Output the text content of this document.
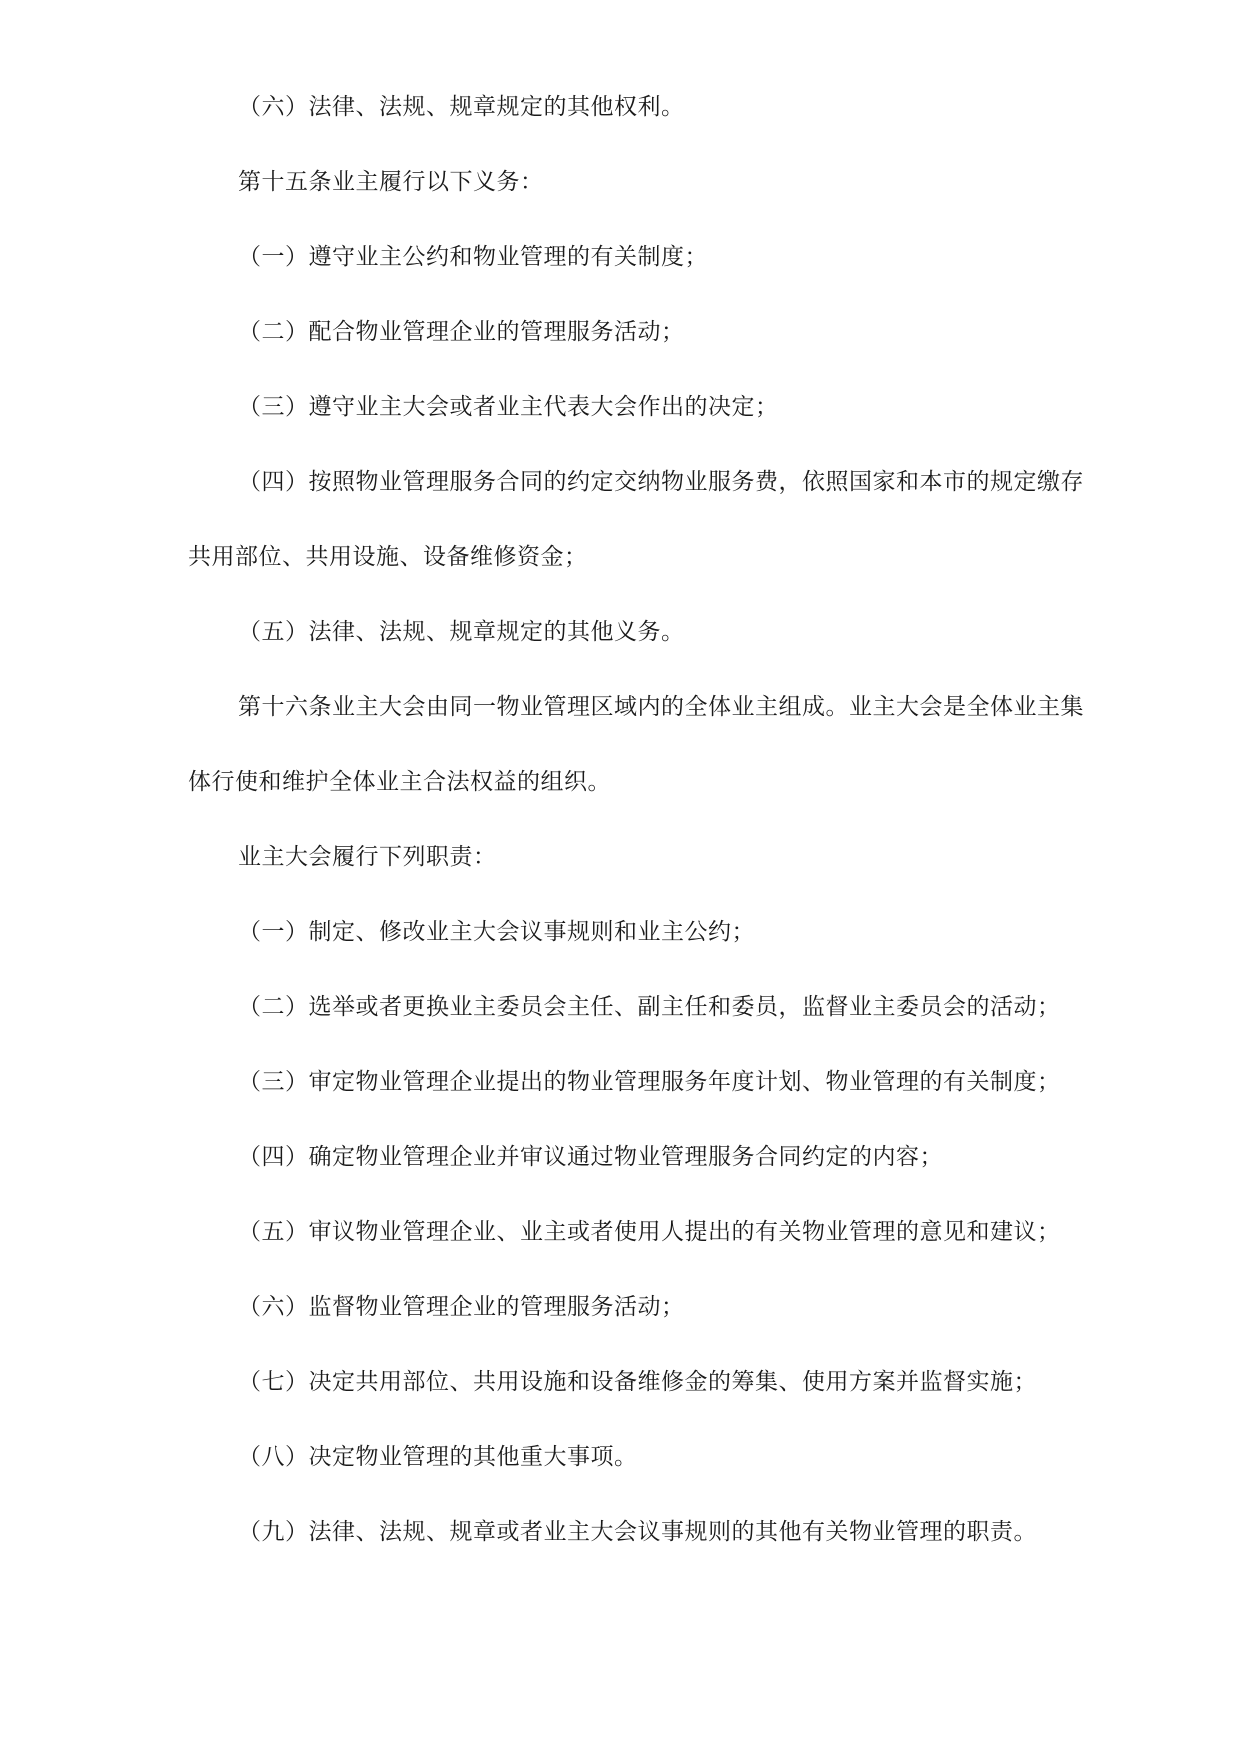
（六）法律、法规、规章规定的其他权利。

第十五条业主履行以下义务：

（一）遵守业主公约和物业管理的有关制度；

（二）配合物业管理企业的管理服务活动；

（三）遵守业主大会或者业主代表大会作出的决定；

（四）按照物业管理服务合同的约定交纳物业服务费，依照国家和本市的规定缴存

共用部位、共用设施、设备维修资金；

（五）法律、法规、规章规定的其他义务。

第十六条业主大会由同一物业管理区域内的全体业主组成。业主大会是全体业主集

体行使和维护全体业主合法权益的组织。

业主大会履行下列职责：

（一）制定、修改业主大会议事规则和业主公约；

（二）选举或者更换业主委员会主任、副主任和委员，监督业主委员会的活动；

（三）审定物业管理企业提出的物业管理服务年度计划、物业管理的有关制度；

（四）确定物业管理企业并审议通过物业管理服务合同约定的内容；

（五）审议物业管理企业、业主或者使用人提出的有关物业管理的意见和建议；

（六）监督物业管理企业的管理服务活动；

（七）决定共用部位、共用设施和设备维修金的筹集、使用方案并监督实施；

（八）决定物业管理的其他重大事项。

（九）法律、法规、规章或者业主大会议事规则的其他有关物业管理的职责。
